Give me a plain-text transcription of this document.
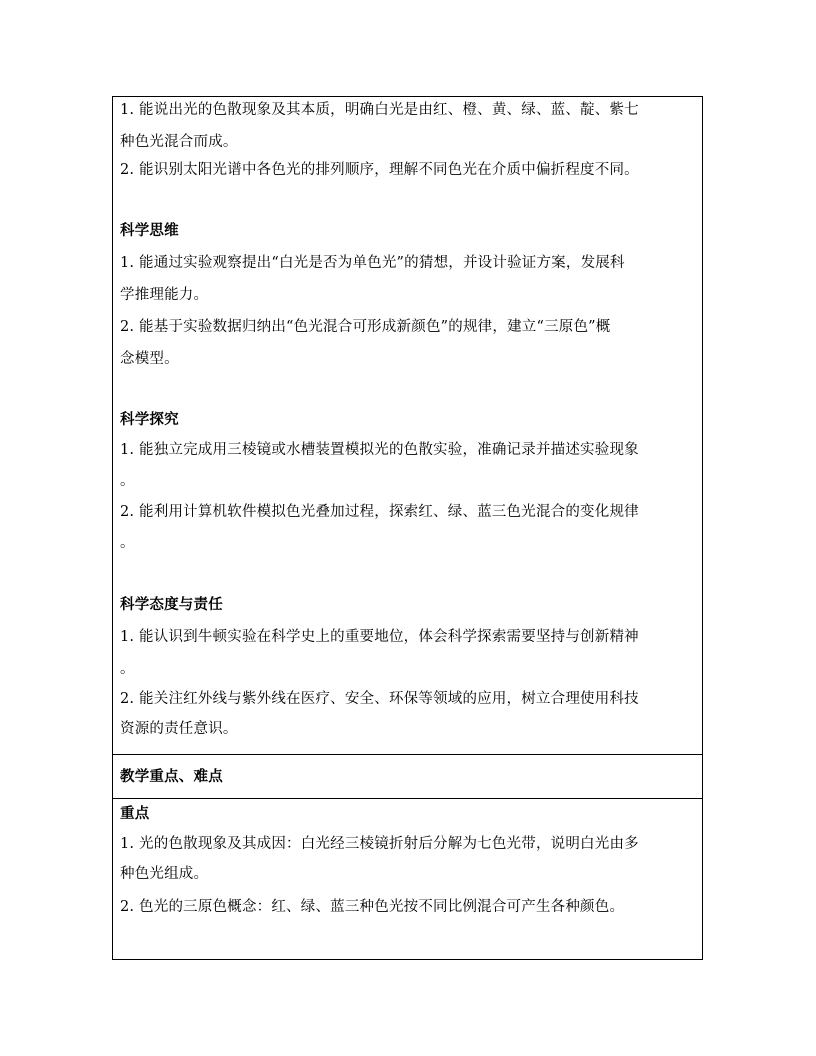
1. 能说出光的色散现象及其本质，明确白光是由红、橙、黄、绿、蓝、靛、紫七
种色光混合而成。
2. 能识别太阳光谱中各色光的排列顺序，理解不同色光在介质中偏折程度不同。
科学思维
1. 能通过实验观察提出“白光是否为单色光”的猜想，并设计验证方案，发展科
学推理能力。
2. 能基于实验数据归纳出“色光混合可形成新颜色”的规律，建立“三原色”概
念模型。
科学探究
1. 能独立完成用三棱镜或水槽装置模拟光的色散实验，准确记录并描述实验现象
。
2. 能利用计算机软件模拟色光叠加过程，探索红、绿、蓝三色光混合的变化规律
。
科学态度与责任
1. 能认识到牛顿实验在科学史上的重要地位，体会科学探索需要坚持与创新精神
。
2. 能关注红外线与紫外线在医疗、安全、环保等领域的应用，树立合理使用科技
资源的责任意识。
教学重点、难点
重点
1. 光的色散现象及其成因：白光经三棱镜折射后分解为七色光带，说明白光由多
种色光组成。
2. 色光的三原色概念：红、绿、蓝三种色光按不同比例混合可产生各种颜色。
